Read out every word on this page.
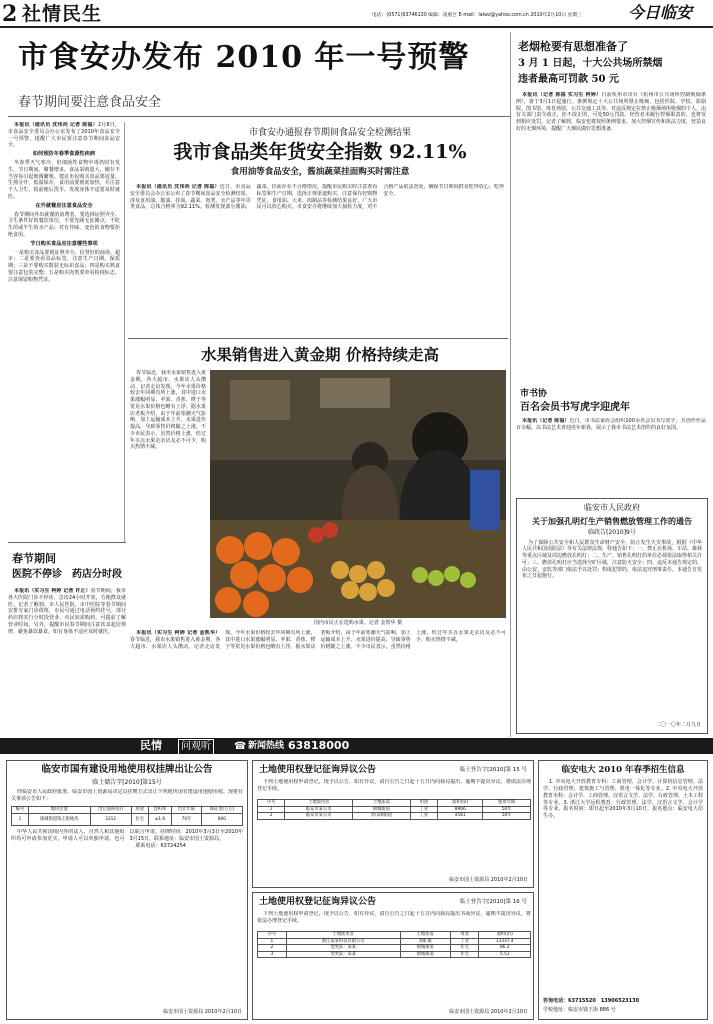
2 社情民生	电话：(0571)63746130 编辑：凌惠岂 E-mail：lalwz@yahoo.com.cn 2010年2月10日 星期三	今日临安
市食安办发布 2010 年一号预警
春节期间要注意食品安全

本报讯（通讯员 沈伟尚 记者 陈福）2月8日，市食品安全委员会办公室发布了2010年食品安全一号预警，提醒广大市民要注意春节期间食品安全。

如何预防冬春季食源性疾病

冬春季天气寒冷，但细菌性食物中毒仍时有发生。节日期间，聚餐增多，食品采购量大，储存不当容易引起细菌繁殖。建议市民购买食品要适量，生熟分开，低温保存，食用前要彻底加热，并注意个人卫生，饭前便后洗手。发现身体不适要及时就医。

在外就餐应注意食品安全

春节期间外出就餐的消费者，要选择证照齐全、卫生条件好的餐饮单位，不要光顾无证摊点；不吃生的或半生的水产品；对有异味、变色的食物要拒绝食用。

节日购买食品应注意哪些事项

一是购买食品要到证照齐全、信誉好的商场、超市；二是要查看食品标签，注意生产日期、保质期；三是不要购买散装无标识食品；四是购买熟食要注意包装完整；五是购买肉类要查看检疫标志，注意保留购物凭证。

市食安办通报春节期间食品安全检测结果
我市食品类年货安全指数 92.11%
食用油等食品安全，酱油蔬菜挂面购买时需注意

本报讯（通讯员 沈伟尚 记者 陈福）近日，市食品安全委员会办公室公布了春节期间食品安全检测结果，涉及食用油、酱油、挂面、蔬菜、肉类、水产品等年货类食品，总体合格率为92.11%。检测发现部分酱油、蔬菜、挂面存在不合格情况，提醒市民购买时注意查看标签和生产日期，选择正规渠道购买，注意保存好购物凭证。食用油、大米、肉制品等检测结果良好，广大市民可以放心购买。市食安办将继续加大抽检力度，对不合格产品依法查处，确保节日期间群众吃得放心、吃得安全。

水果销售进入黄金期 价格持续走高

春节临近，我市水果销售进入黄金期，各大超市、水果店人头攒动。记者走访发现，今年水果价格较去年同期有所上涨，其中进口水果涨幅明显。苹果、香蕉、橙子等常见水果价格也略有上浮。据水果店老板介绍，由于年前寒潮天气影响，加上运输成本上升，水果进价提高，导致零售价格随之上涨。不少市民表示，虽然价格上涨，但过年买点水果走亲访友必不可少，购买热情不减。

国内市民正在选购水果。记者 金凯华 摄

本报讯（实习生 柯婷 记者 金凯华）春节临近，我市水果销售进入黄金期，各大超市、水果店人头攒动。记者走访发现，今年水果价格较去年同期有所上涨，其中进口水果涨幅明显。苹果、香蕉、橙子等常见水果价格也略有上浮。据水果店老板介绍，由于年前寒潮天气影响，加上运输成本上升，水果进价提高，导致零售价格随之上涨。不少市民表示，虽然价格上涨，但过年买点水果走亲访友必不可少，购买热情不减。

春节期间
医院不停诊　药店分时段

本报讯（实习生 柯婷 记者 许正）春节期间，我市各大医院门诊不停诊，急诊24小时开放，方便群众就医。记者了解到，市人民医院、市中医院等春节期间安排专家门诊值班，市民可通过电话预约挂号。部分药店将实行分时段营业，市民如需购药，可提前了解营业时间。另外，提醒市民春节期间注意饮食起居规律，避免暴饮暴食，如有身体不适应及时就医。

老烟枪要有思想准备了
3 月 1 日起，十大公共场所禁烟
违者最高可罚款 50 元

本报讯（记者 陈福 实习生 柯婷）日前杭州市出台《杭州市公共场所控制吸烟条例》，将于3月1日起施行。条例规定十大公共场所禁止吸烟，包括医院、学校、影剧院、图书馆、体育场馆、公共交通工具等。对违反规定在禁止吸烟场所吸烟的个人，由有关部门责令改正，拒不改正的，可处50元罚款。经营者未履行控烟职责的，也将受到相应处罚。记者了解到，临安也将按照条例要求，加大控烟宣传和执法力度，营造良好的无烟环境，提醒广大烟民做好思想准备。

市书协
百名会员书写虎字迎虎年

本报讯（记者 陈福）近日，市书法家协会组织100余名会员书写虎字，共创作作品百余幅，以书法艺术喜迎虎年新春，展示了我市书法艺术创作的良好氛围。

临安市人民政府
关于加强孔明灯生产销售燃放管理工作的通告
临政告[2010]9号

为了保障公共安全和人民群众生命财产安全，防止发生火灾事故，根据《中华人民共和国消防法》等有关法律法规，特通告如下：一、禁止在机场、车站、森林等重点区域及周边燃放孔明灯；二、生产、销售孔明灯的单位必须依法取得相关许可；三、燃放孔明灯应当选择空旷区域，注意防火安全；四、违反本通告规定的，由公安、安监等部门依法予以处罚；构成犯罪的，依法追究刑事责任。本通告自发布之日起施行。

二〇一〇年二月九日
民情	问观听	☎ 新闻热线 63818000
临安市国有建设用地使用权挂牌出让公告
临土储告字[2010]第15号

经临安市人民政府批准，临安市国土资源局决定以挂牌方式出让下列地块国有建设用地使用权。现将有关事项公告如下：

编号	地块位置	出让面积(㎡)	用途	容积率	出让年限	保证金(万元)
1	锦城街道钱王街地块	3312	住宅	≤1.6	70年	800

中华人民共和国境内外的法人、自然人和其他组织均可申请参加竞买，申请人可以单独申请，也可以联合申请。挂牌时间：2010年3月3日至2010年3月15日。联系地址：临安市国土资源局。

联系电话：63724254

临安市国土资源局 2010年2月10日
土地使用权登记征询异议公告	临土登告字[2010]第 15 号

下列土地使用权申请登记，现予以公告。如有异议，请自公告之日起十五日内向我局提出，逾期不提出异议，将依法办理登记手续。

序号	土地使用者	土地座落	用途	面积(㎡)	使用年限
1	临安市某公司	锦城街道	工业	8966	50年
2	临安市某公司	青山湖街道	工业	4581	50年
临安市国土资源局 2010年2月10日
土地使用权登记征询异议公告	临土登告字[2010]第 16 号

下列土地使用权申请登记，现予以公告。如有异议，请自公告之日起十五日内向我局提出书面异议，逾期不提出异议，将依法办理登记手续。

序号	土地使用者	土地座落	用途	面积(㎡)
1	浙江某某科技有限公司	高虹镇	工业	13337.4
2	变更前：某某	锦城街道	住宅	86.2
3	变更前：某某	锦城街道	住宅	5.51
临安市国土资源局 2010年2月10日
临安电大 2010 年春季招生信息

1. 中央电大开放教育专科：工商管理、会计学、计算机信息管理、法学、行政管理、建筑施工与管理、机电一体化等专业。2. 中央电大开放教育本科：会计学、工商管理、汉语言文学、法学、行政管理、土木工程等专业。3. 浙江大学远程教育：行政管理、法学、汉语言文学、会计学等专业。报名时间：即日起至2010年3月10日。报名地点：临安电大招生办。

咨询电话：63715520　13906523130
学校地址：临安市钱王街 886 号
